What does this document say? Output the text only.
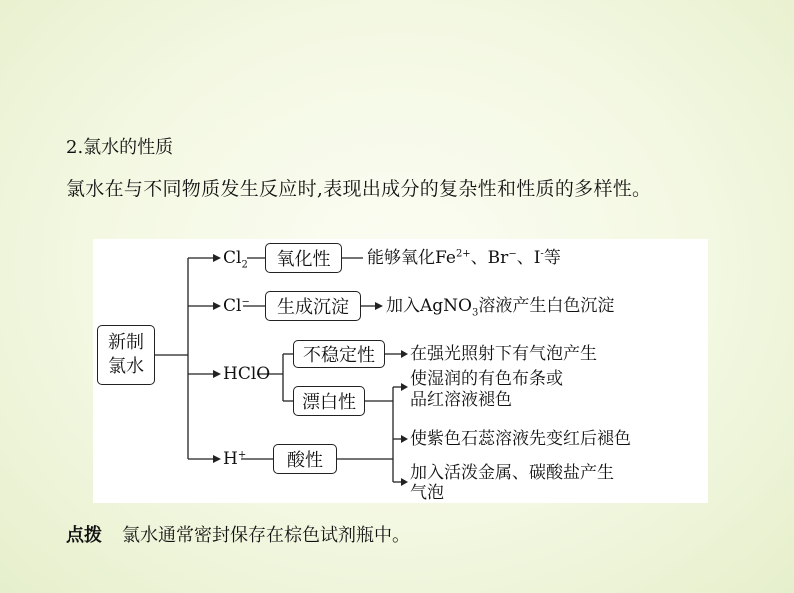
2.氯水的性质
氯水在与不同物质发生反应时,表现出成分的复杂性和性质的多样性。
新制
氯水
$Cl_2$	氧化性	能够氧化$Fe^{2+}$、Br−、I-等
Cl−	生成沉淀	加入AgNO$_3$溶液产生白色沉淀
HClO
不稳定性	在强光照射下有气泡产生
漂白性
使湿润的有色布条或
品红溶液褪色
H+	酸性
使紫色石蕊溶液先变红后褪色
加入活泼金属、碳酸盐产生
气泡
点拨 氯水通常密封保存在棕色试剂瓶中。
